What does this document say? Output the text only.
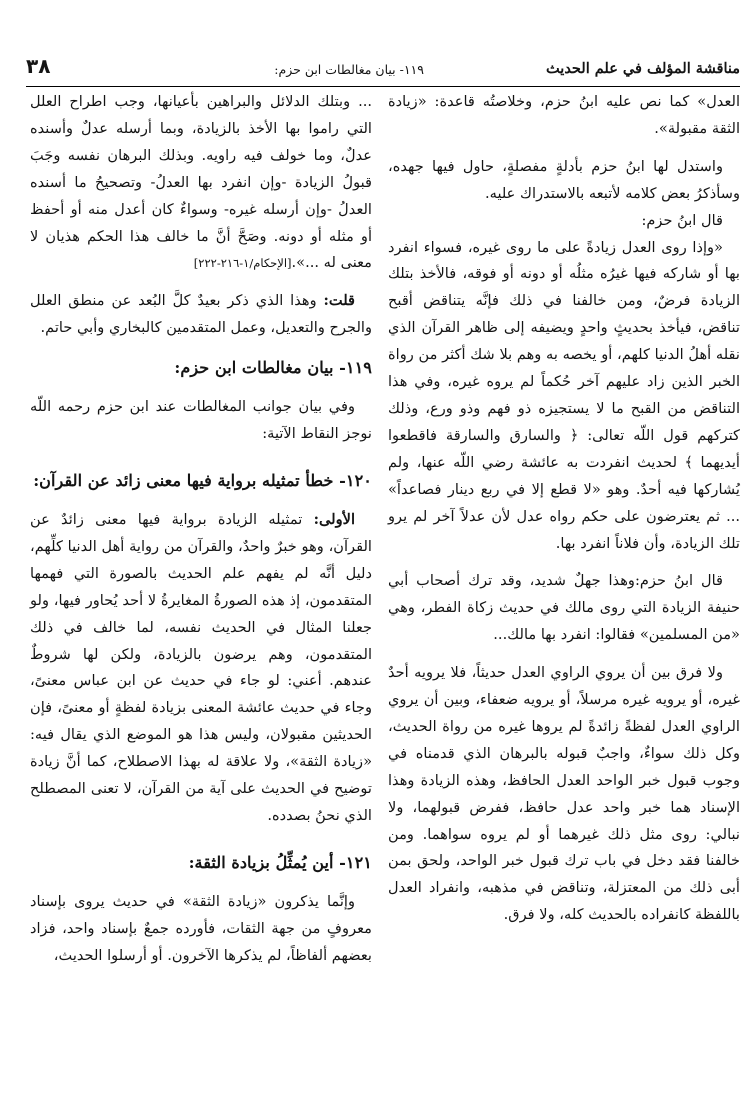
مناقشة المؤلف في علم الحديث
١١٩- بيان مغالطات ابن حزم:
٣٨

العدل» كما نص عليه ابنُ حزم، وخلاصتُه قاعدة: «زيادة الثقة مقبولة».

واستدل لها ابنُ حزم بأدلةٍ مفصلةٍ، حاول فيها جهده، وسأذكرُ بعض كلامه لأتبعه بالاستدراك عليه.

قال ابنُ حزم:

«وإذا روى العدل زيادةً على ما روى غيره، فسواء انفرد بها أو شاركه فيها غيرُه مثلُه أو دونه أو فوقه، فالأخذ بتلك الزيادة فرضٌ، ومن خالفنا في ذلك فإنَّه يتناقض أقبح تناقض، فيأخذ بحديثٍ واحدٍ ويضيفه إلى ظاهر القرآن الذي نقله أهلُ الدنيا كلهم، أو يخصه به وهم بلا شك أكثر من رواة الخبر الذين زاد عليهم آخر حُكماً لم يروه غيره، وفي هذا التناقض من القبح ما لا يستجيزه ذو فهم وذو ورع، وذلك كتركهم قول اللّه تعالى: ﴿ والسارق والسارقة فاقطعوا أيديهما ﴾ لحديث انفردت به عائشة رضي اللّه عنها، ولم يُشاركها فيه أحدٌ. وهو «لا قطع إلا في ربع دينار فصاعداً» ... ثم يعترضون على حكم رواه عدل لأن عدلاً آخر لم يرو تلك الزيادة، وأن فلاناً انفرد بها.

قال ابنُ حزم:وهذا جهلٌ شديد، وقد ترك أصحاب أبي حنيفة الزيادة التي روى مالك في حديث زكاة الفطر، وهي «من المسلمين» فقالوا: انفرد بها مالك...

ولا فرق بين أن يروي الراوي العدل حديثاً، فلا يرويه أحدٌ غيره، أو يرويه غيره مرسلاً، أو يرويه ضعفاء، وبين أن يروي الراوي العدل لفظةً زائدةً لم يروها غيره من رواة الحديث، وكل ذلك سواءٌ، واجبٌ قبوله بالبرهان الذي قدمناه في وجوب قبول خبر الواحد العدل الحافظ، وهذه الزيادة وهذا الإسناد هما خبر واحد عدل حافظ، ففرض قبولهما، ولا نبالي: روى مثل ذلك غيرهما أو لم يروه سواهما. ومن خالفنا فقد دخل في باب ترك قبول خبر الواحد، ولحق بمن أبى ذلك من المعتزلة، وتناقض في مذهبه، وانفراد العدل باللفظة كانفراده بالحديث كله، ولا فرق.

... وبتلك الدلائل والبراهين بأعيانها، وجب اطراح العلل التي راموا بها الأخذ بالزيادة، وبما أرسله عدلٌ وأسنده عدلٌ، وما خولف فيه راويه. وبذلك البرهان نفسه وجَبَ قبولُ الزيادة -وإن انفرد بها العدلُ- وتصحيحُ ما أسنده العدلُ -وإن أرسله غيره- وسواءٌ كان أعدل منه أو أحفظ أو مثله أو دونه. وصَحَّ أنَّ ما خالف هذا الحكم هذيان لا معنى له ...».[الإحكام/١-٢١٦-٢٢٢]

قلت: وهذا الذي ذكر بعيدٌ كلَّ البُعد عن منطق العلل والجرح والتعديل، وعمل المتقدمين كالبخاري وأبي حاتم.

١١٩- بيان مغالطات ابن حزم:

وفي بيان جوانب المغالطات عند ابن حزم رحمه اللّه نوجز النقاط الآتية:

١٢٠- خطأ تمثيله برواية فيها معنى زائد عن القرآن:

الأولى: تمثيله الزيادة برواية فيها معنى زائدٌ عن القرآن، وهو خبرٌ واحدٌ، والقرآن من رواية أهل الدنيا كلِّهم، دليل أنَّه لم يفهم علم الحديث بالصورة التي فهمها المتقدمون، إذ هذه الصورةُ المغايرةُ لا أحد يُحاور فيها، ولو جعلنا المثال في الحديث نفسه، لما خالف في ذلك المتقدمون، وهم يرضون بالزيادة، ولكن لها شروطٌ عندهم. أعني: لو جاء في حديث عن ابن عباس معنىً، وجاء في حديث عائشة المعنى بزيادة لفظةٍ أو معنىً، فإن الحديثين مقبولان، وليس هذا هو الموضع الذي يقال فيه: «زيادة الثقة»، ولا علاقة له بهذا الاصطلاح، كما أنَّ زيادة توضيح في الحديث على آية من القرآن، لا تعنى المصطلح الذي نحنُ بصدده.

١٢١- أين يُمثِّلُ بزيادة الثقة:

وإنَّما يذكرون «زيادة الثقة» في حديث يروى بإسناد معروفٍ من جهة الثقات، فأورده جمعٌ بإسناد واحد، فزاد بعضهم ألفاظاً، لم يذكرها الآخرون. أو أرسلوا الحديث،
